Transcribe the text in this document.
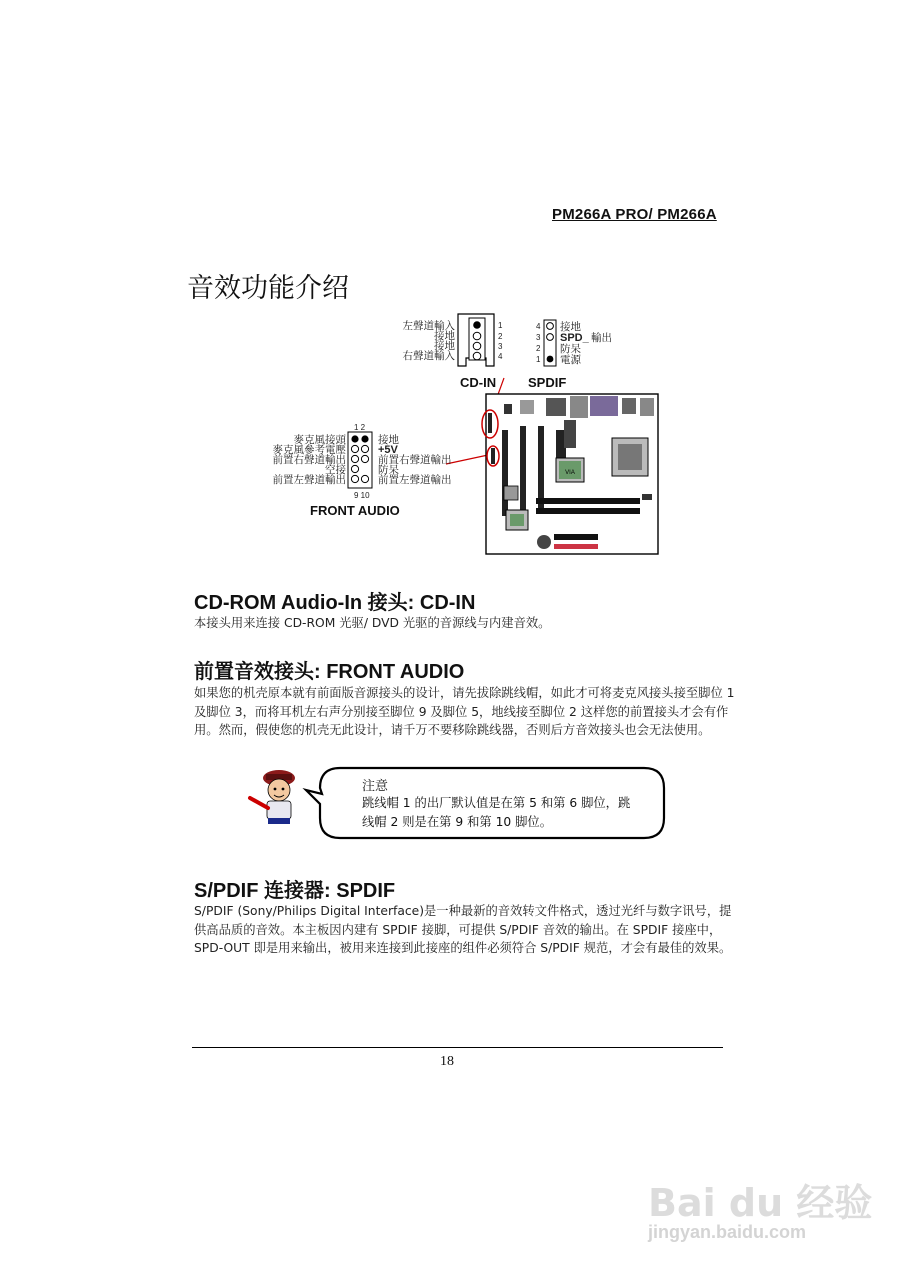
PM266A PRO/ PM266A
音效功能介绍
左聲道輸入
接地
接地
右聲道輸入
1
2
3
4
4
3
2
1
接地
SPD_ 輸出
防呆
電源
CD-IN SPDIF
VIA
1 2
9 10
麥克風接頭
麥克風參考電壓
前置右聲道輸出
空接
前置左聲道輸出
接地
+5V
前置右聲道輸出
防呆
前置左聲道輸出
FRONT AUDIO
CD-ROM Audio-In 接头: CD-IN
本接头用来连接 CD-ROM 光驱/ DVD 光驱的音源线与内建音效。
前置音效接头: FRONT AUDIO
如果您的机壳原本就有前面版音源接头的设计，请先拔除跳线帽，如此才可将麦克风接头接至脚位 1 及脚位 3，而将耳机左右声分别接至脚位 9 及脚位 5，地线接至脚位 2 这样您的前置接头才会有作用。然而，假使您的机壳无此设计，请千万不要移除跳线器，否则后方音效接头也会无法使用。
注意
跳线帽 1 的出厂默认值是在第 5 和第 6 脚位，跳
线帽 2 则是在第 9 和第 10 脚位。
S/PDIF 连接器: SPDIF
S/PDIF (Sony/Philips Digital Interface)是一种最新的音效转文件格式，透过光纤与数字讯号，提供高品质的音效。本主板因内建有 SPDIF 接脚，可提供 S/PDIF 音效的输出。在 SPDIF 接座中，SPD-OUT 即是用来输出，被用来连接到此接座的组件必须符合 S/PDIF 规范，才会有最佳的效果。
18
Bai du 经验
jingyan.baidu.com
